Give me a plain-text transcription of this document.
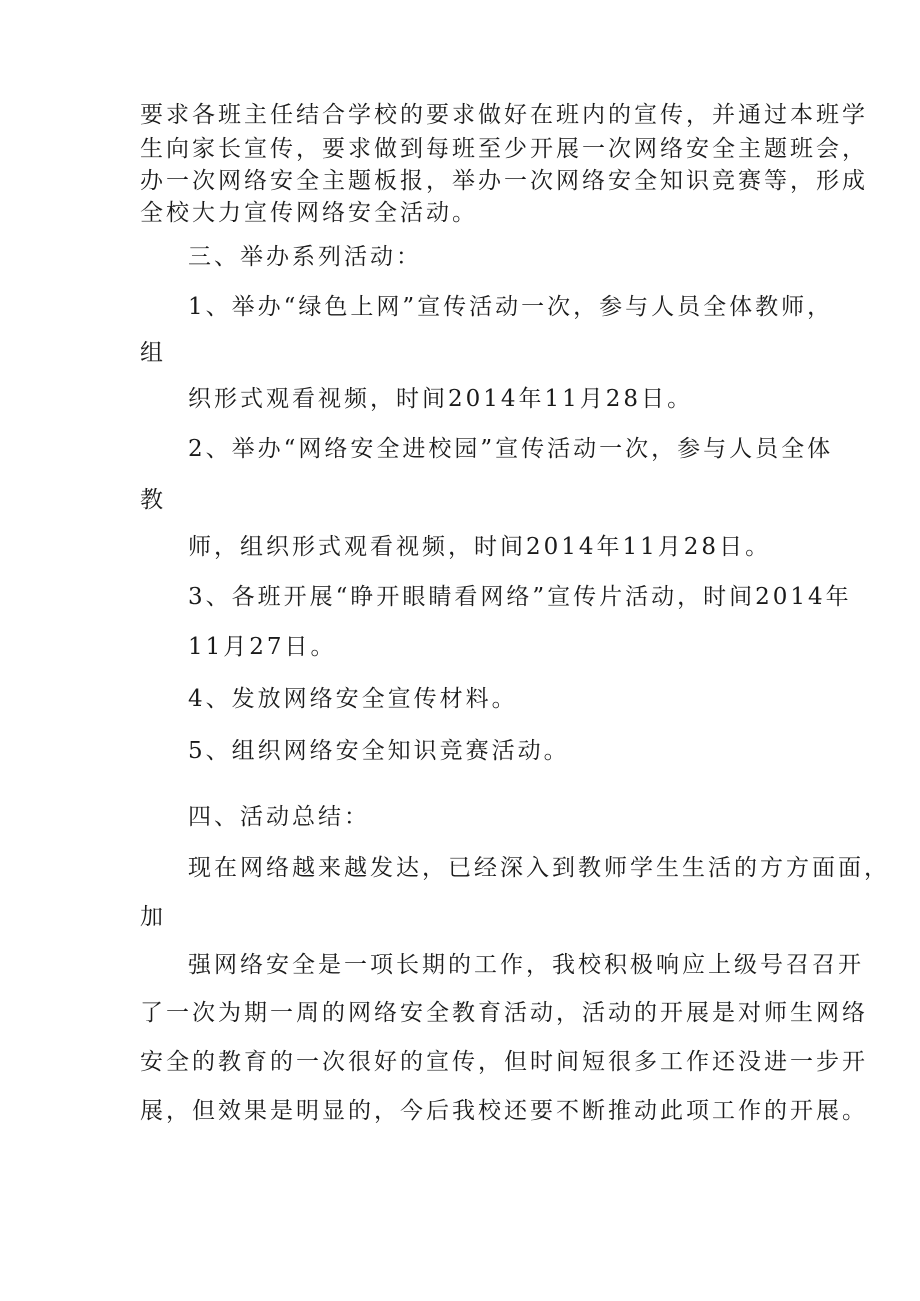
要求各班主任结合学校的要求做好在班内的宣传，并通过本班学
生向家长宣传，要求做到每班至少开展一次网络安全主题班会，
办一次网络安全主题板报，举办一次网络安全知识竞赛等，形成
全校大力宣传网络安全活动。
三、举办系列活动：
1、举办“绿色上网”宣传活动一次，参与人员全体教师，
组
织形式观看视频，时间2014年11月28日。
2、举办“网络安全进校园”宣传活动一次，参与人员全体
教
师，组织形式观看视频，时间2014年11月28日。
3、各班开展“睁开眼睛看网络”宣传片活动，时间2014年
11月27日。
4、发放网络安全宣传材料。
5、组织网络安全知识竞赛活动。
四、活动总结：
现在网络越来越发达，已经深入到教师学生生活的方方面面，
加
强网络安全是一项长期的工作，我校积极响应上级号召召开
了一次为期一周的网络安全教育活动，活动的开展是对师生网络
安全的教育的一次很好的宣传，但时间短很多工作还没进一步开
展，但效果是明显的，今后我校还要不断推动此项工作的开展。
